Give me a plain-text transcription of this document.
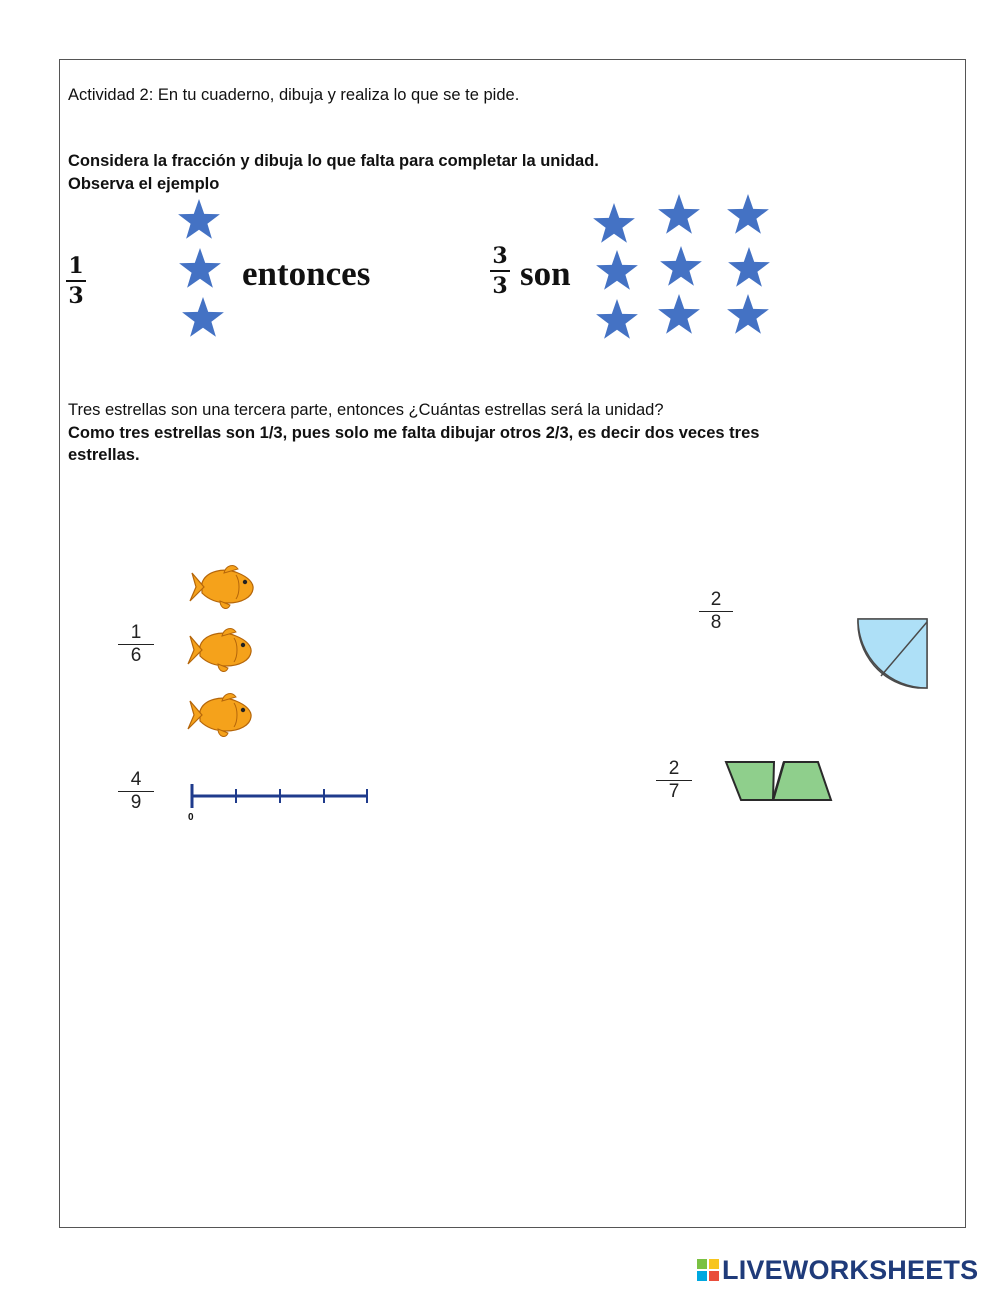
Actividad 2: En tu cuaderno, dibuja y realiza lo que se te pide.
Considera la fracción y dibuja lo que falta para completar la unidad.
Observa el ejemplo
1
3
entonces	3
3 son
Tres estrellas son una tercera parte, entonces ¿Cuántas estrellas será la unidad?
Como tres estrellas son 1/3, pues solo me falta dibujar otros 2/3, es decir dos veces tres
estrellas.
1
6
4
9
0
2
8
2
7
LIVEWORKSHEETS
